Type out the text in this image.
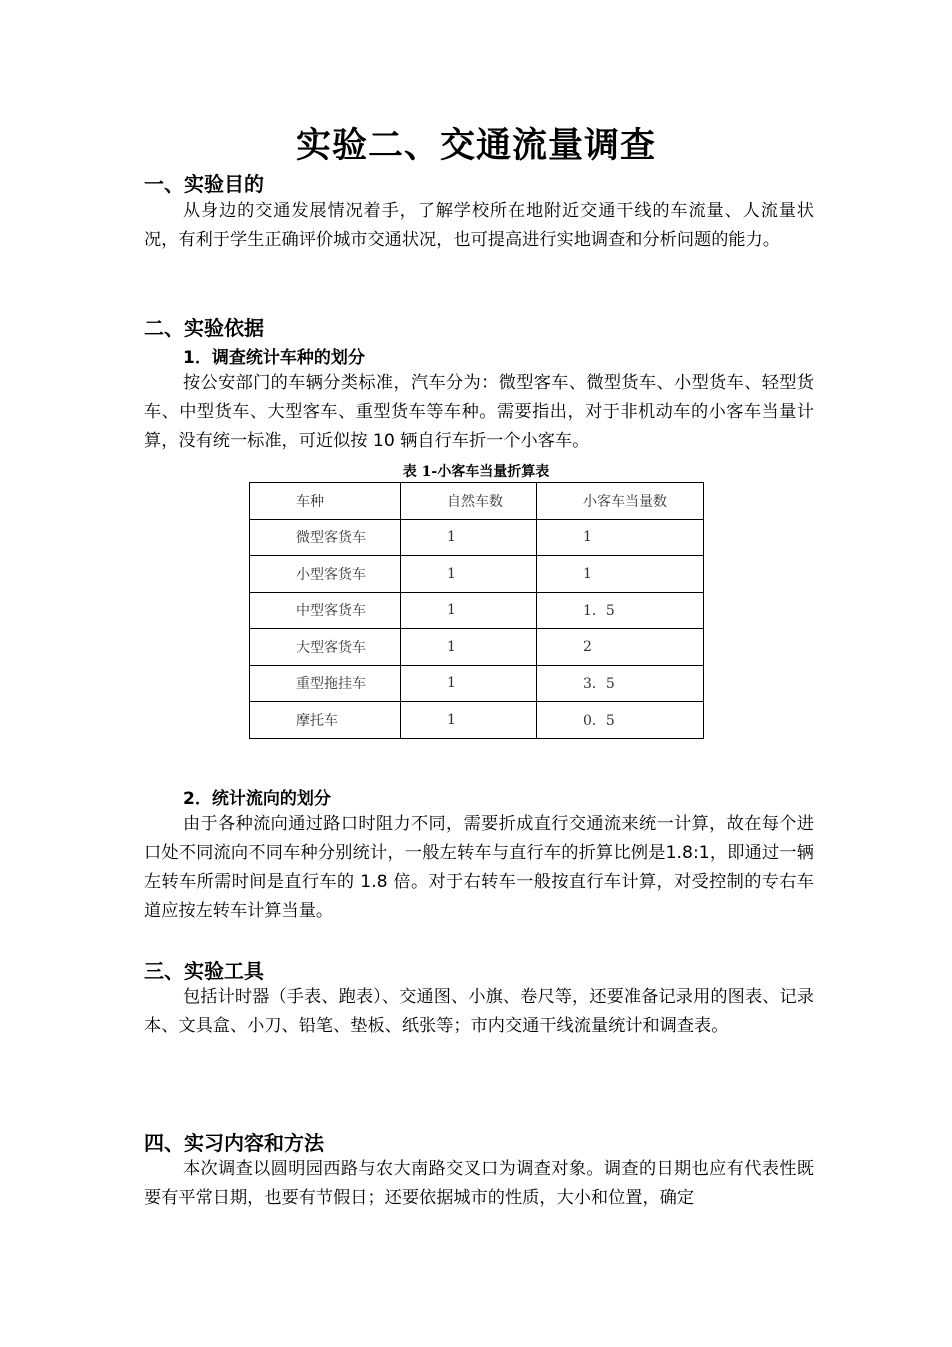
实验二、交通流量调查
一、实验目的

从身边的交通发展情况着手，了解学校所在地附近交通干线的车流量、人流量状况，有利于学生正确评价城市交通状况，也可提高进行实地调查和分析问题的能力。

二、实验依据
1．调查统计车种的划分

按公安部门的车辆分类标准，汽车分为：微型客车、微型货车、小型货车、轻型货车、中型货车、大型客车、重型货车等车种。需要指出，对于非机动车的小客车当量计算，没有统一标准，可近似按 10 辆自行车折一个小客车。

表 1-小客车当量折算表

车种	自然车数	小客车当量数
微型客货车	1	1
小型客货车	1	1
中型客货车	1	1．5
大型客货车	1	2
重型拖挂车	1	3．5
摩托车	1	0．5
2．统计流向的划分

由于各种流向通过路口时阻力不同，需要折成直行交通流来统一计算，故在每个进口处不同流向不同车种分别统计，一般左转车与直行车的折算比例是1.8:1，即通过一辆左转车所需时间是直行车的 1.8 倍。对于右转车一般按直行车计算，对受控制的专右车道应按左转车计算当量。

三、实验工具

包括计时器（手表、跑表）、交通图、小旗、卷尺等，还要准备记录用的图表、记录本、文具盒、小刀、铅笔、垫板、纸张等；市内交通干线流量统计和调查表。

四、实习内容和方法

本次调查以圆明园西路与农大南路交叉口为调查对象。调查的日期也应有代表性既要有平常日期，也要有节假日；还要依据城市的性质，大小和位置，确定
